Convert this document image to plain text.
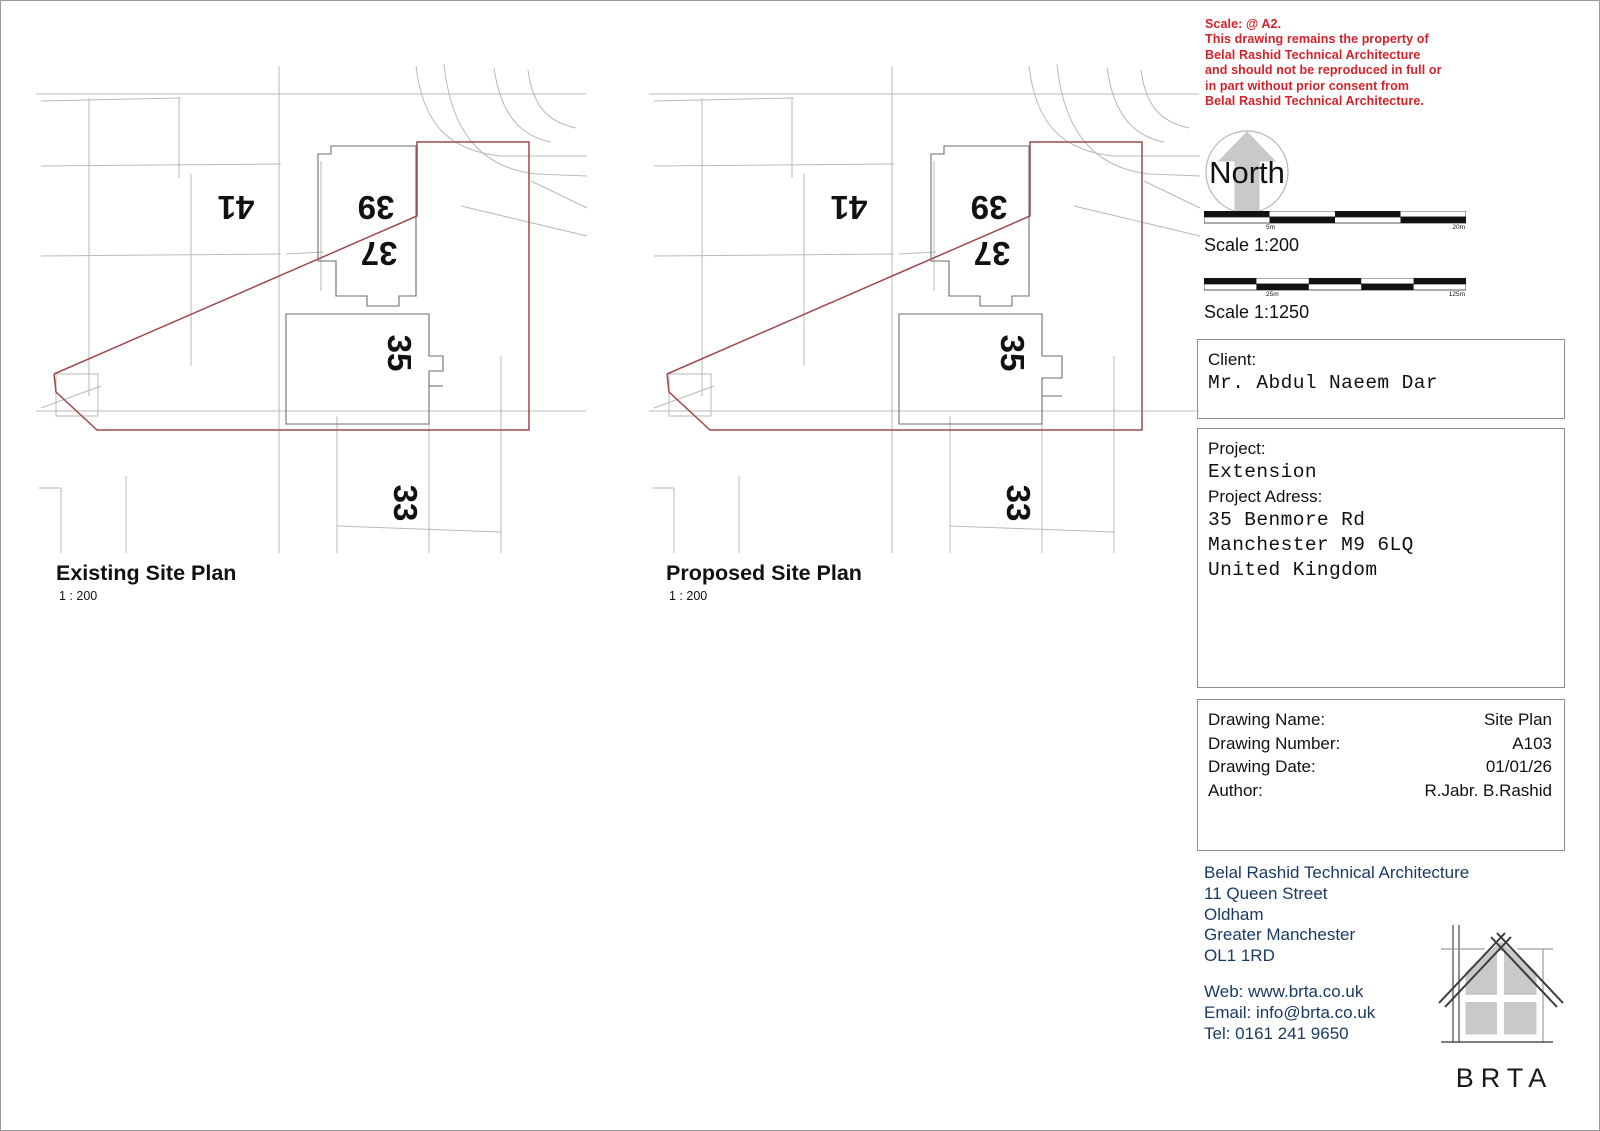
Scale: @ A2.
This drawing remains the property of
Belal Rashid Technical Architecture
and should not be reproduced in full or
in part without prior consent from
Belal Rashid Technical Architecture.
North
5m	20m
Scale 1:200
25m	125m
Scale 1:1250
Client:
Mr. Abdul Naeem Dar
Project:
Extension
Project Adress:
35 Benmore Rd
Manchester M9 6LQ
United Kingdom
Drawing Name:	Site Plan
Drawing Number:	A103
Drawing Date:	01/01/26
Author:	R.Jabr. B.Rashid
Belal Rashid Technical Architecture
11 Queen Street
Oldham
Greater Manchester
OL1 1RD
Web: www.brta.co.uk
Email: info@brta.co.uk
Tel: 0161 241 9650
BRTA
41	39
37
35
33
Existing Site Plan
1 : 200
41	39
37
35
33
Proposed Site Plan
1 : 200
